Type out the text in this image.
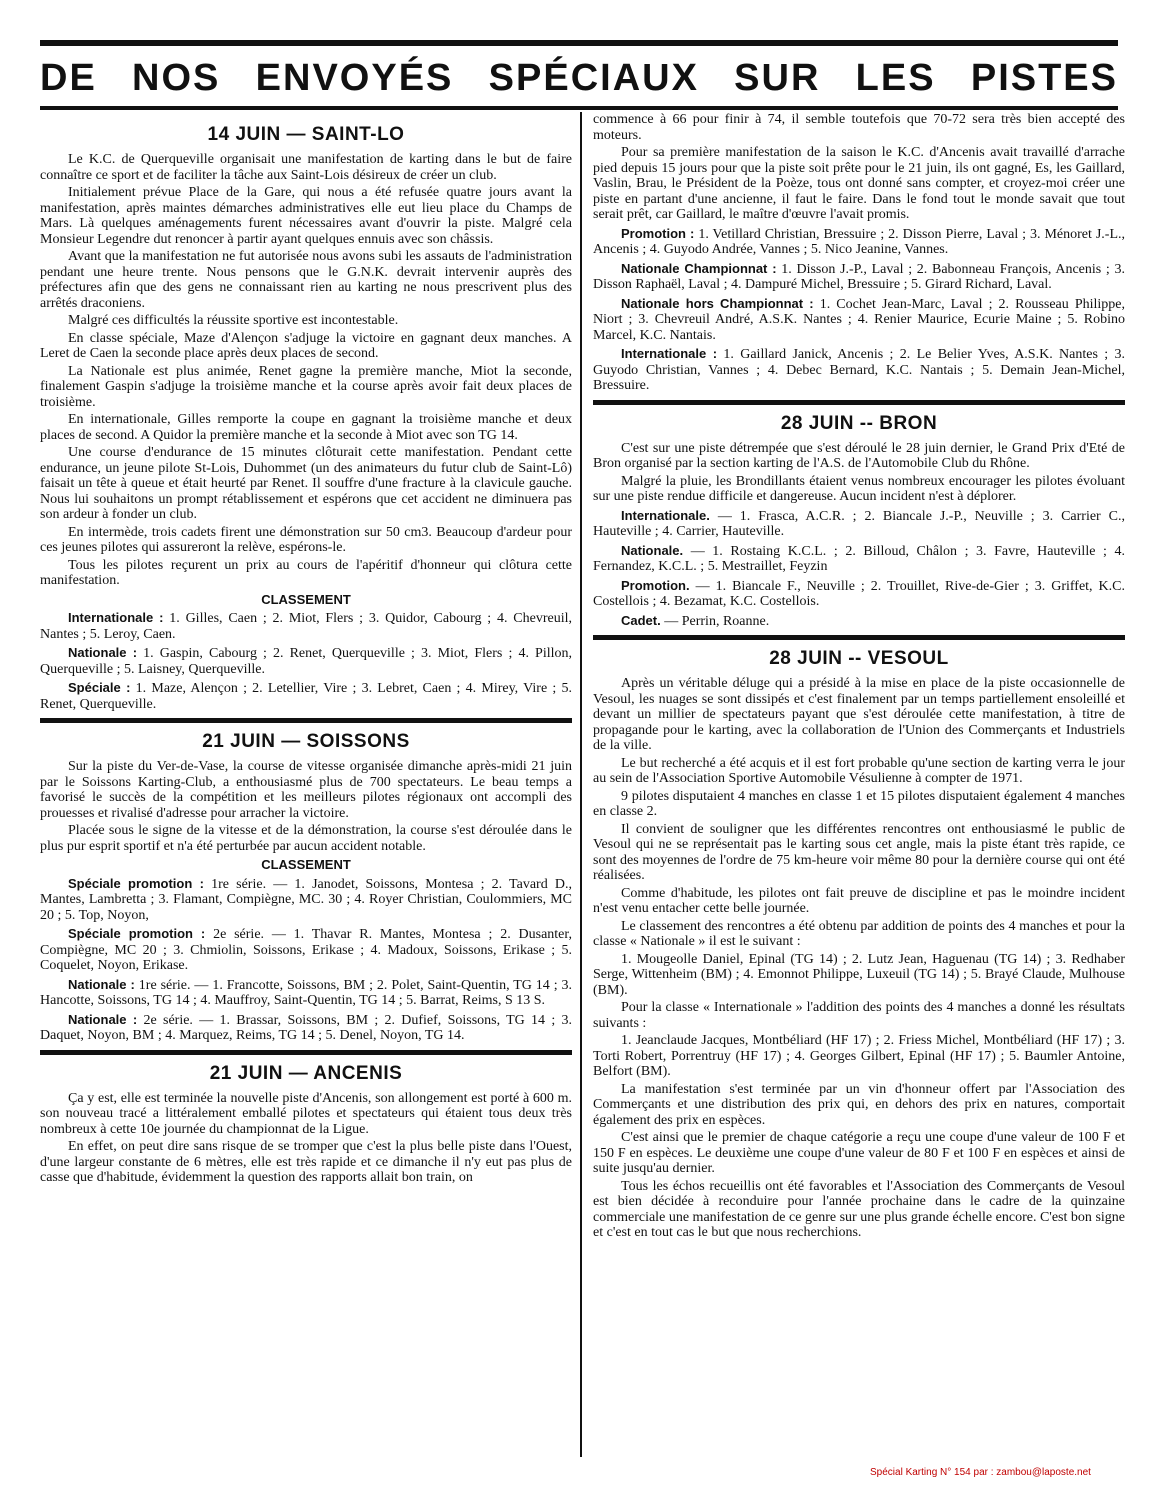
DE NOS ENVOYÉS SPÉCIAUX SUR LES PISTES
14 JUIN — SAINT-LO

Le K.C. de Querqueville organisait une manifestation de karting dans le but de faire connaître ce sport et de faciliter la tâche aux Saint-Lois désireux de créer un club.

Initialement prévue Place de la Gare, qui nous a été refusée quatre jours avant la manifestation, après maintes démarches administratives elle eut lieu place du Champs de Mars. Là quelques aménagements furent nécessaires avant d'ouvrir la piste. Malgré cela Monsieur Legendre dut renoncer à partir ayant quelques ennuis avec son châssis.

Avant que la manifestation ne fut autorisée nous avons subi les assauts de l'administration pendant une heure trente. Nous pensons que le G.N.K. devrait intervenir auprès des préfectures afin que des gens ne connaissant rien au karting ne nous prescrivent plus des arrêtés draconiens.

Malgré ces difficultés la réussite sportive est incontestable.

En classe spéciale, Maze d'Alençon s'adjuge la victoire en gagnant deux manches. A Leret de Caen la seconde place après deux places de second.

La Nationale est plus animée, Renet gagne la première manche, Miot la seconde, finalement Gaspin s'adjuge la troisième manche et la course après avoir fait deux places de troisième.

En internationale, Gilles remporte la coupe en gagnant la troisième manche et deux places de second. A Quidor la première manche et la seconde à Miot avec son TG 14.

Une course d'endurance de 15 minutes clôturait cette manifestation. Pendant cette endurance, un jeune pilote St-Lois, Duhommet (un des animateurs du futur club de Saint-Lô) faisait un tête à queue et était heurté par Renet. Il souffre d'une fracture à la clavicule gauche. Nous lui souhaitons un prompt rétablissement et espérons que cet accident ne diminuera pas son ardeur à fonder un club.

En intermède, trois cadets firent une démonstration sur 50 cm3. Beaucoup d'ardeur pour ces jeunes pilotes qui assureront la relève, espérons-le.

Tous les pilotes reçurent un prix au cours de l'apéritif d'honneur qui clôtura cette manifestation.

CLASSEMENT

Internationale : 1. Gilles, Caen ; 2. Miot, Flers ; 3. Quidor, Cabourg ; 4. Chevreuil, Nantes ; 5. Leroy, Caen.

Nationale : 1. Gaspin, Cabourg ; 2. Renet, Querqueville ; 3. Miot, Flers ; 4. Pillon, Querqueville ; 5. Laisney, Querqueville.

Spéciale : 1. Maze, Alençon ; 2. Letellier, Vire ; 3. Lebret, Caen ; 4. Mirey, Vire ; 5. Renet, Querqueville.

21 JUIN — SOISSONS

Sur la piste du Ver-de-Vase, la course de vitesse organisée dimanche après-midi 21 juin par le Soissons Karting-Club, a enthousiasmé plus de 700 spectateurs. Le beau temps a favorisé le succès de la compétition et les meilleurs pilotes régionaux ont accompli des prouesses et rivalisé d'adresse pour arracher la victoire.

Placée sous le signe de la vitesse et de la démonstration, la course s'est déroulée dans le plus pur esprit sportif et n'a été perturbée par aucun accident notable.

CLASSEMENT

Spéciale promotion : 1re série. — 1. Janodet, Soissons, Montesa ; 2. Tavard D., Mantes, Lambretta ; 3. Flamant, Compiègne, MC. 30 ; 4. Royer Christian, Coulommiers, MC 20 ; 5. Top, Noyon,

Spéciale promotion : 2e série. — 1. Thavar R. Mantes, Montesa ; 2. Dusanter, Compiègne, MC 20 ; 3. Chmiolin, Soissons, Erikase ; 4. Madoux, Soissons, Erikase ; 5. Coquelet, Noyon, Erikase.

Nationale : 1re série. — 1. Francotte, Soissons, BM ; 2. Polet, Saint-Quentin, TG 14 ; 3. Hancotte, Soissons, TG 14 ; 4. Mauffroy, Saint-Quentin, TG 14 ; 5. Barrat, Reims, S 13 S.

Nationale : 2e série. — 1. Brassar, Soissons, BM ; 2. Dufief, Soissons, TG 14 ; 3. Daquet, Noyon, BM ; 4. Marquez, Reims, TG 14 ; 5. Denel, Noyon, TG 14.

21 JUIN — ANCENIS

Ça y est, elle est terminée la nouvelle piste d'Ancenis, son allongement est porté à 600 m. son nouveau tracé a littéralement emballé pilotes et spectateurs qui étaient tous deux très nombreux à cette 10e journée du championnat de la Ligue.

En effet, on peut dire sans risque de se tromper que c'est la plus belle piste dans l'Ouest, d'une largeur constante de 6 mètres, elle est très rapide et ce dimanche il n'y eut pas plus de casse que d'habitude, évidemment la question des rapports allait bon train, on

commence à 66 pour finir à 74, il semble toutefois que 70-72 sera très bien accepté des moteurs.

Pour sa première manifestation de la saison le K.C. d'Ancenis avait travaillé d'arrache pied depuis 15 jours pour que la piste soit prête pour le 21 juin, ils ont gagné, Es, les Gaillard, Vaslin, Brau, le Président de la Poèze, tous ont donné sans compter, et croyez-moi créer une piste en partant d'une ancienne, il faut le faire. Dans le fond tout le monde savait que tout serait prêt, car Gaillard, le maître d'œuvre l'avait promis.

Promotion : 1. Vetillard Christian, Bressuire ; 2. Disson Pierre, Laval ; 3. Ménoret J.-L., Ancenis ; 4. Guyodo Andrée, Vannes ; 5. Nico Jeanine, Vannes.

Nationale Championnat : 1. Disson J.-P., Laval ; 2. Babonneau François, Ancenis ; 3. Disson Raphaël, Laval ; 4. Dampuré Michel, Bressuire ; 5. Girard Richard, Laval.

Nationale hors Championnat : 1. Cochet Jean-Marc, Laval ; 2. Rousseau Philippe, Niort ; 3. Chevreuil André, A.S.K. Nantes ; 4. Renier Maurice, Ecurie Maine ; 5. Robino Marcel, K.C. Nantais.

Internationale : 1. Gaillard Janick, Ancenis ; 2. Le Belier Yves, A.S.K. Nantes ; 3. Guyodo Christian, Vannes ; 4. Debec Bernard, K.C. Nantais ; 5. Demain Jean-Michel, Bressuire.

28 JUIN -- BRON

C'est sur une piste détrempée que s'est déroulé le 28 juin dernier, le Grand Prix d'Eté de Bron organisé par la section karting de l'A.S. de l'Automobile Club du Rhône.

Malgré la pluie, les Brondillants étaient venus nombreux encourager les pilotes évoluant sur une piste rendue difficile et dangereuse. Aucun incident n'est à déplorer.

Internationale. — 1. Frasca, A.C.R. ; 2. Biancale J.-P., Neuville ; 3. Carrier C., Hauteville ; 4. Carrier, Hauteville.

Nationale. — 1. Rostaing K.C.L. ; 2. Billoud, Châlon ; 3. Favre, Hauteville ; 4. Fernandez, K.C.L. ; 5. Mestraillet, Feyzin

Promotion. — 1. Biancale F., Neuville ; 2. Trouillet, Rive-de-Gier ; 3. Griffet, K.C. Costellois ; 4. Bezamat, K.C. Costellois.

Cadet. — Perrin, Roanne.

28 JUIN -- VESOUL

Après un véritable déluge qui a présidé à la mise en place de la piste occasionnelle de Vesoul, les nuages se sont dissipés et c'est finalement par un temps partiellement ensoleillé et devant un millier de spectateurs payant que s'est déroulée cette manifestation, à titre de propagande pour le karting, avec la collaboration de l'Union des Commerçants et Industriels de la ville.

Le but recherché a été acquis et il est fort probable qu'une section de karting verra le jour au sein de l'Association Sportive Automobile Vésulienne à compter de 1971.

9 pilotes disputaient 4 manches en classe 1 et 15 pilotes disputaient également 4 manches en classe 2.

Il convient de souligner que les différentes rencontres ont enthousiasmé le public de Vesoul qui ne se représentait pas le karting sous cet angle, mais la piste étant très rapide, ce sont des moyennes de l'ordre de 75 km-heure voir même 80 pour la dernière course qui ont été réalisées.

Comme d'habitude, les pilotes ont fait preuve de discipline et pas le moindre incident n'est venu entacher cette belle journée.

Le classement des rencontres a été obtenu par addition de points des 4 manches et pour la classe « Nationale » il est le suivant :

1. Mougeolle Daniel, Epinal (TG 14) ; 2. Lutz Jean, Haguenau (TG 14) ; 3. Redhaber Serge, Wittenheim (BM) ; 4. Emonnot Philippe, Luxeuil (TG 14) ; 5. Brayé Claude, Mulhouse (BM).

Pour la classe « Internationale » l'addition des points des 4 manches a donné les résultats suivants :

1. Jeanclaude Jacques, Montbéliard (HF 17) ; 2. Friess Michel, Montbéliard (HF 17) ; 3. Torti Robert, Porrentruy (HF 17) ; 4. Georges Gilbert, Epinal (HF 17) ; 5. Baumler Antoine, Belfort (BM).

La manifestation s'est terminée par un vin d'honneur offert par l'Association des Commerçants et une distribution des prix qui, en dehors des prix en natures, comportait également des prix en espèces.

C'est ainsi que le premier de chaque catégorie a reçu une coupe d'une valeur de 100 F et 150 F en espèces. Le deuxième une coupe d'une valeur de 80 F et 100 F en espèces et ainsi de suite jusqu'au dernier.

Tous les échos recueillis ont été favorables et l'Association des Commerçants de Vesoul est bien décidée à reconduire pour l'année prochaine dans le cadre de la quinzaine commerciale une manifestation de ce genre sur une plus grande échelle encore. C'est bon signe et c'est en tout cas le but que nous recherchions.

Spécial Karting N° 154 par : zambou@laposte.net
